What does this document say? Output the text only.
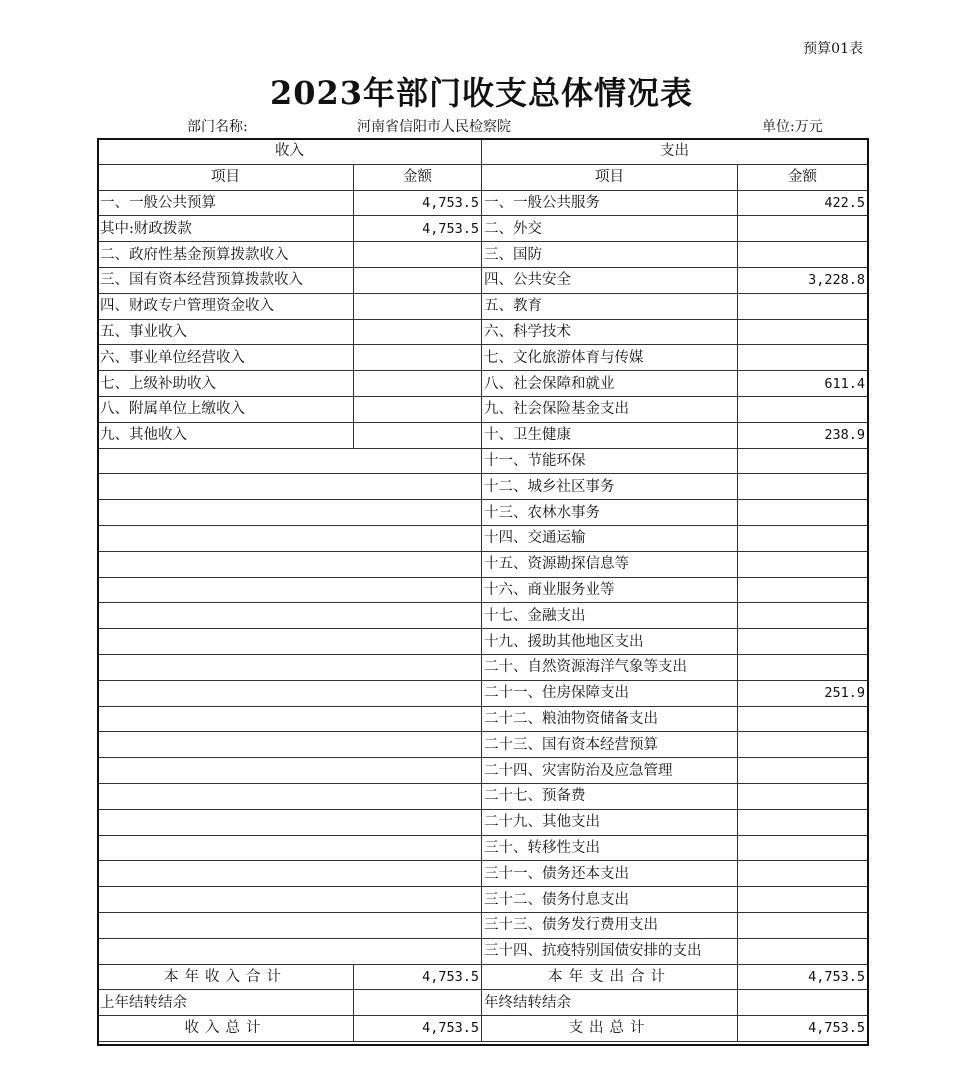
预算01表
2023年部门收支总体情况表
部门名称:	河南省信阳市人民检察院	单位:万元
收入		支出	
项目	金额	项目	金额
一、一般公共预算	4,753.5	一、一般公共服务	422.5
其中:财政拨款	4,753.5	二、外交	
二、政府性基金预算拨款收入		三、国防	
三、国有资本经营预算拨款收入		四、公共安全	3,228.8
四、财政专户管理资金收入		五、教育	
五、事业收入		六、科学技术	
六、事业单位经营收入		七、文化旅游体育与传媒	
七、上级补助收入		八、社会保障和就业	611.4
八、附属单位上缴收入		九、社会保险基金支出	
九、其他收入		十、卫生健康	238.9
		十一、节能环保	
		十二、城乡社区事务	
		十三、农林水事务	
		十四、交通运输	
		十五、资源勘探信息等	
		十六、商业服务业等	
		十七、金融支出	
		十九、援助其他地区支出	
		二十、自然资源海洋气象等支出	
		二十一、住房保障支出	251.9
		二十二、粮油物资储备支出	
		二十三、国有资本经营预算	
		二十四、灾害防治及应急管理	
		二十七、预备费	
		二十九、其他支出	
		三十、转移性支出	
		三十一、债务还本支出	
		三十二、债务付息支出	
		三十三、债务发行费用支出	
		三十四、抗疫特别国债安排的支出	
本年收入合计	4,753.5	本年支出合计	4,753.5
上年结转结余		年终结转结余	
收入总计	4,753.5	支出总计	4,753.5
